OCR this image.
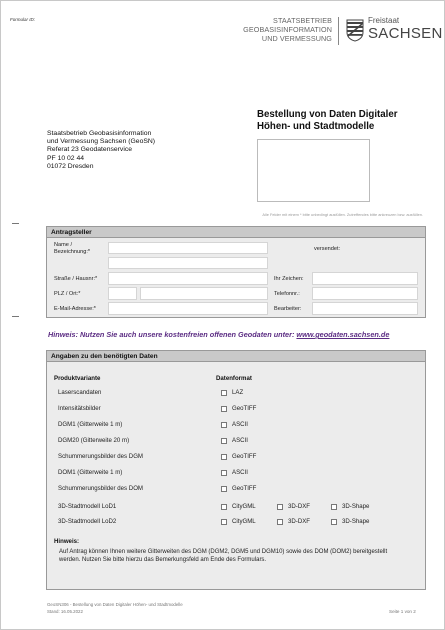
Formular ID:	STAATSBETRIEB
GEOBASISINFORMATION
UND VERMESSUNG
Freistaat
SACHSEN
Bestellung von Daten Digitaler
Höhen- und Stadtmodelle
Staatsbetrieb Geobasisinformation
und Vermessung Sachsen (GeoSN)
Referat 23 Geodatenservice
PF 10 02 44
01072 Dresden
Alle Felder mit einem * bitte unbedingt ausfüllen. Zutreffendes bitte ankreuzen bzw. ausfüllen.
Antragsteller
Name /
Bezeichnung:*	versendet:
Straße / Hausnr:*	Ihr Zeichen:
PLZ / Ort:*	Telefonnr.:
E-Mail-Adresse:*	Bearbeiter:
Hinweis: Nutzen Sie auch unsere kostenfreien offenen Geodaten unter: www.geodaten.sachsen.de
Angaben zu den benötigten Daten
Produktvariante	Datenformat
Laserscandaten	LAZ
Intensitätsbilder	GeoTIFF
DGM1 (Gitterweite 1 m)	ASCII
DGM20 (Gitterweite 20 m)	ASCII
Schummerungsbilder des DGM	GeoTIFF
DOM1 (Gitterweite 1 m)	ASCII
Schummerungsbilder des DOM	GeoTIFF
3D-Stadtmodell LoD1	CityGML	3D-DXF	3D-Shape
3D-Stadtmodell LoD2	CityGML	3D-DXF	3D-Shape
Hinweis:
Auf Antrag können Ihnen weitere Gitterweiten des DGM (DGM2, DGM5 und DGM10) sowie des DOM (DOM2) bereitgestellt werden. Nutzen Sie bitte hierzu das Bemerkungsfeld am Ende des Formulars.
GeoSN306 - Bestellung von Daten Digitaler Höhen- und Stadtmodelle
Stand: 16.05.2022	Seite 1 von 2
